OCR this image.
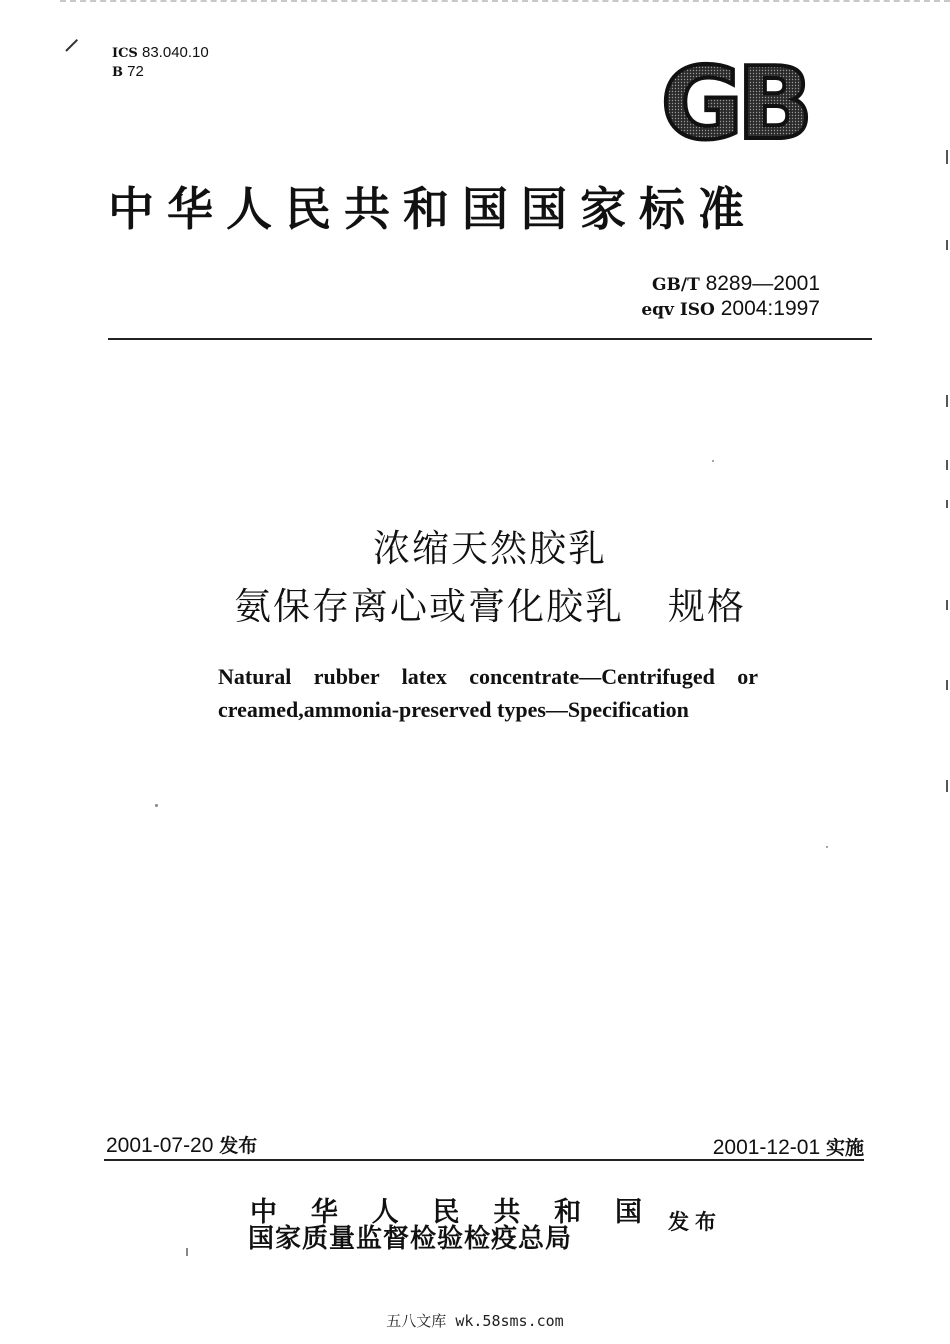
ICS 83.040.10
B 72	GB
中华人民共和国国家标准
GB/T 8289—2001
eqv ISO 2004:1997
浓缩天然胶乳
氨保存离心或膏化胶乳 规格
Natural rubber latex concentrate—Centrifuged or creamed,ammonia-preserved types—Specification
2001-07-20 发布	2001-12-01 实施
中 华 人 民 共 和 国
国家质量监督检验检疫总局
发布
五八文库 wk.58sms.com
